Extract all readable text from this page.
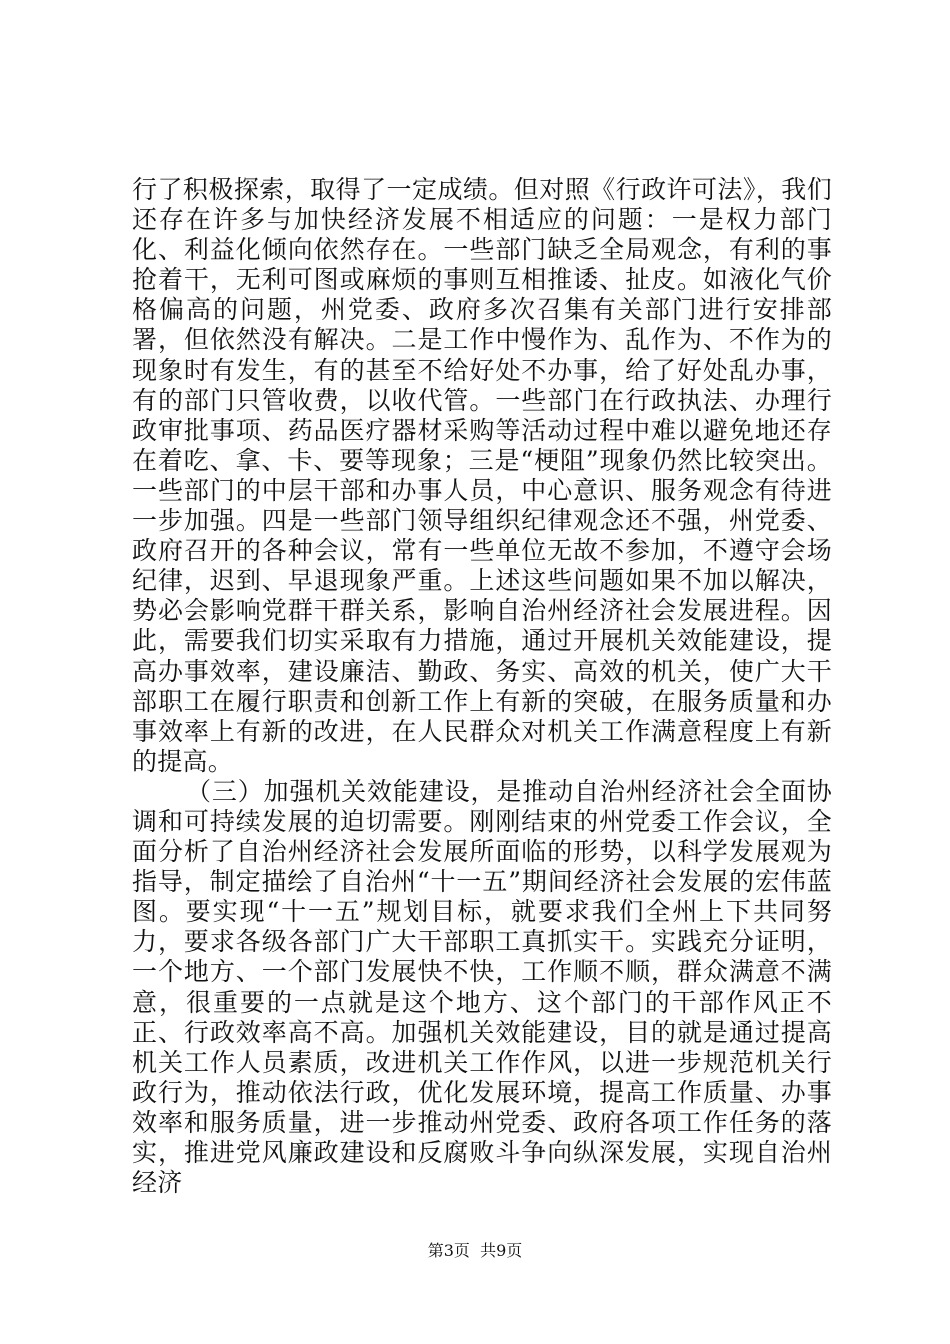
行了积极探索，取得了一定成绩。但对照《行政许可法》，我们还存在许多与加快经济发展不相适应的问题：一是权力部门化、利益化倾向依然存在。一些部门缺乏全局观念，有利的事抢着干，无利可图或麻烦的事则互相推诿、扯皮。如液化气价格偏高的问题，州党委、政府多次召集有关部门进行安排部署，但依然没有解决。二是工作中慢作为、乱作为、不作为的现象时有发生，有的甚至不给好处不办事，给了好处乱办事，有的部门只管收费，以收代管。一些部门在行政执法、办理行政审批事项、药品医疗器材采购等活动过程中难以避免地还存在着吃、拿、卡、要等现象；三是“梗阻”现象仍然比较突出。一些部门的中层干部和办事人员，中心意识、服务观念有待进一步加强。四是一些部门领导组织纪律观念还不强，州党委、政府召开的各种会议，常有一些单位无故不参加，不遵守会场纪律，迟到、早退现象严重。上述这些问题如果不加以解决，势必会影响党群干群关系，影响自治州经济社会发展进程。因此，需要我们切实采取有力措施，通过开展机关效能建设，提高办事效率，建设廉洁、勤政、务实、高效的机关，使广大干部职工在履行职责和创新工作上有新的突破，在服务质量和办事效率上有新的改进，在人民群众对机关工作满意程度上有新的提高。

（三）加强机关效能建设，是推动自治州经济社会全面协调和可持续发展的迫切需要。刚刚结束的州党委工作会议，全面分析了自治州经济社会发展所面临的形势，以科学发展观为指导，制定描绘了自治州“十一五”期间经济社会发展的宏伟蓝图。要实现“十一五”规划目标，就要求我们全州上下共同努力，要求各级各部门广大干部职工真抓实干。实践充分证明，一个地方、一个部门发展快不快，工作顺不顺，群众满意不满意，很重要的一点就是这个地方、这个部门的干部作风正不正、行政效率高不高。加强机关效能建设，目的就是通过提高机关工作人员素质，改进机关工作作风，以进一步规范机关行政行为，推动依法行政，优化发展环境，提高工作质量、办事效率和服务质量，进一步推动州党委、政府各项工作任务的落实，推进党风廉政建设和反腐败斗争向纵深发展，实现自治州经济

第3页  共9页
